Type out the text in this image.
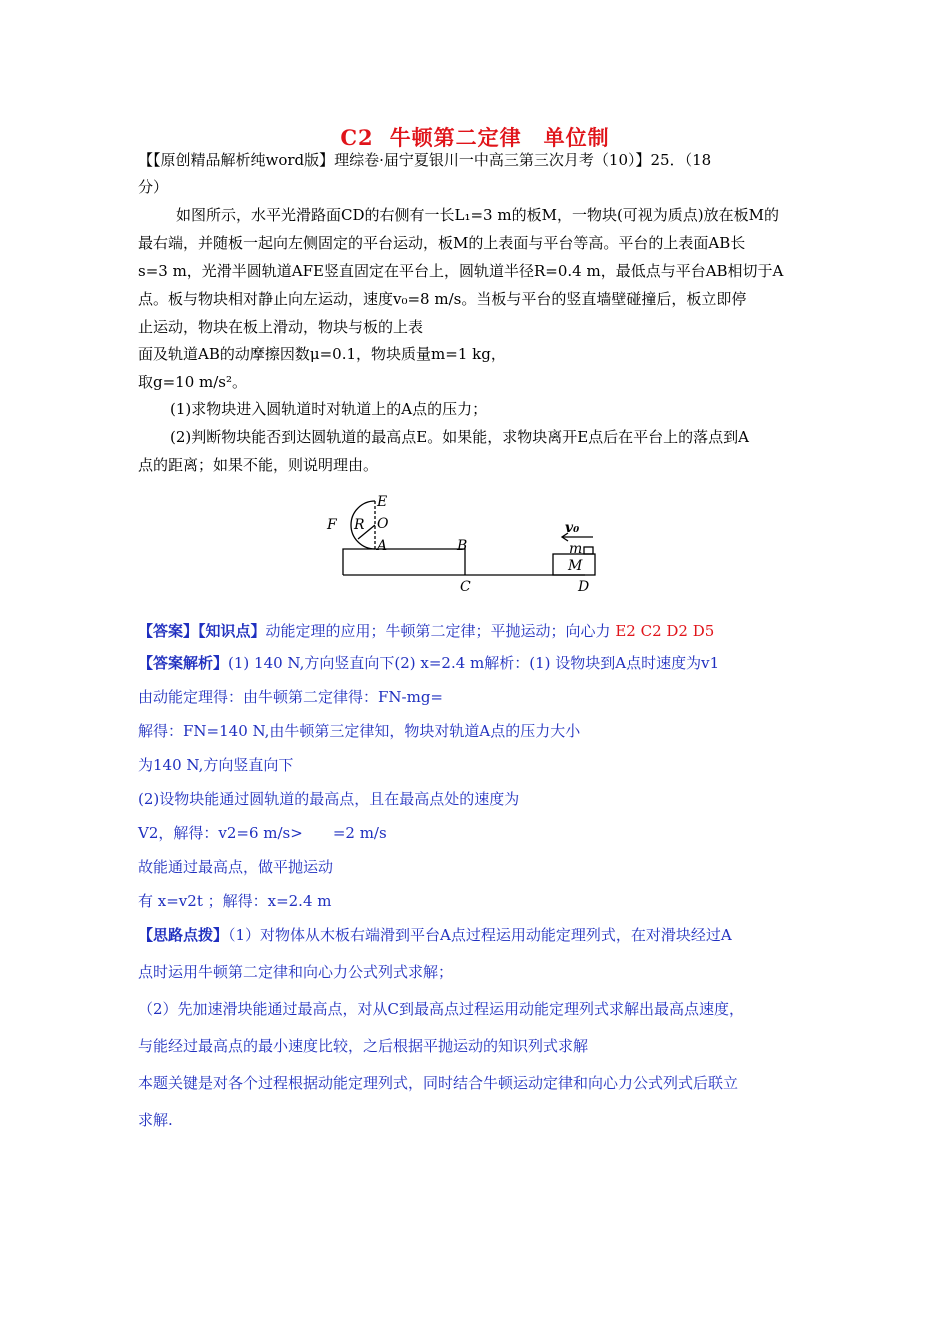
C2 牛顿第二定律　单位制
【【原创精品解析纯word版】理综卷·届宁夏银川一中高三第三次月考（10）】25．（18
分）
如图所示，水平光滑路面CD的右侧有一长L₁=3 m的板M，一物块(可视为质点)放在板M的
最右端，并随板一起向左侧固定的平台运动，板M的上表面与平台等高。平台的上表面AB长
s=3 m，光滑半圆轨道AFE竖直固定在平台上，圆轨道半径R=0.4 m，最低点与平台AB相切于A
点。板与物块相对静止向左运动，速度v₀=8 m/s。当板与平台的竖直墙壁碰撞后，板立即停
止运动，物块在板上滑动，物块与板的上表
面及轨道AB的动摩擦因数μ=0.1，物块质量m=1 kg，
取g=10 m/s²。
(1)求物块进入圆轨道时对轨道上的A点的压力；
(2)判断物块能否到达圆轨道的最高点E。如果能，求物块离开E点后在平台上的落点到A
点的距离；如果不能，则说明理由。
E
O
F R
A	B
C	D
M
m
v₀
【答案】【知识点】动能定理的应用；牛顿第二定律；平抛运动；向心力 E2 C2 D2 D5
【答案解析】(1) 140 N,方向竖直向下(2) x=2.4 m解析：(1) 设物块到A点时速度为v1
由动能定理得：由牛顿第二定律得：FN-mg=
解得：FN=140 N,由牛顿第三定律知，物块对轨道A点的压力大小
为140 N,方向竖直向下
(2)设物块能通过圆轨道的最高点，且在最高点处的速度为
V2，解得：v2=6 m/s>　　=2 m/s
故能通过最高点，做平抛运动
有 x=v2t ；解得：x=2.4 m
【思路点拨】（1）对物体从木板右端滑到平台A点过程运用动能定理列式，在对滑块经过A
点时运用牛顿第二定律和向心力公式列式求解；
（2）先加速滑块能通过最高点，对从C到最高点过程运用动能定理列式求解出最高点速度，
与能经过最高点的最小速度比较，之后根据平抛运动的知识列式求解
本题关键是对各个过程根据动能定理列式，同时结合牛顿运动定律和向心力公式列式后联立
求解.
